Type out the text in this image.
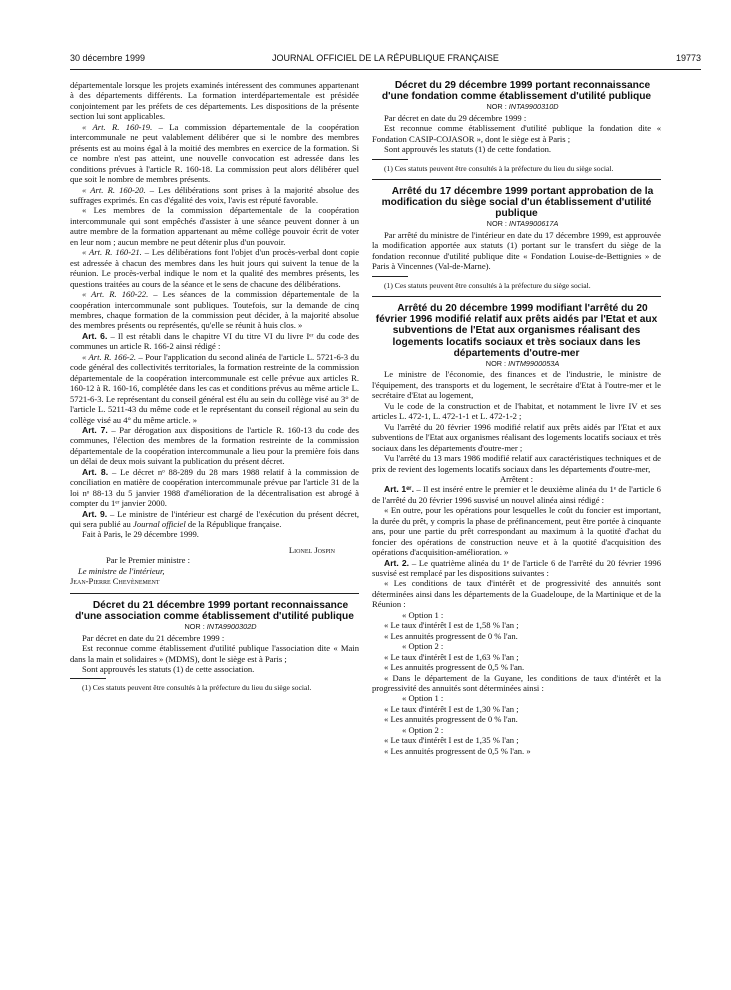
30 décembre 1999	JOURNAL OFFICIEL DE LA RÉPUBLIQUE FRANÇAISE	19773

départementale lorsque les projets examinés intéressent des communes appartenant à des départements différents. La formation interdépartementale est présidée conjointement par les préfets de ces départements. Les dispositions de la présente section lui sont applicables.

« Art. R. 160-19. – La commission départementale de la coopération intercommunale ne peut valablement délibérer que si le nombre des membres présents est au moins égal à la moitié des membres en exercice de la formation. Si ce nombre n'est pas atteint, une nouvelle convocation est adressée dans les conditions prévues à l'article R. 160-18. La commission peut alors délibérer quel que soit le nombre de membres présents.

« Art. R. 160-20. – Les délibérations sont prises à la majorité absolue des suffrages exprimés. En cas d'égalité des voix, l'avis est réputé favorable.

« Les membres de la commission départementale de la coopération intercommunale qui sont empêchés d'assister à une séance peuvent donner à un autre membre de la formation appartenant au même collège pouvoir écrit de voter en leur nom ; aucun membre ne peut détenir plus d'un pouvoir.

« Art. R. 160-21. – Les délibérations font l'objet d'un procès-verbal dont copie est adressée à chacun des membres dans les huit jours qui suivent la tenue de la réunion. Le procès-verbal indique le nom et la qualité des membres présents, les questions traitées au cours de la séance et le sens de chacune des délibérations.

« Art. R. 160-22. – Les séances de la commission départementale de la coopération intercommunale sont publiques. Toutefois, sur la demande de cinq membres, chaque formation de la commission peut décider, à la majorité absolue des membres présents ou représentés, qu'elle se réunit à huis clos. »

Art. 6. – Il est rétabli dans le chapitre VI du titre VI du livre Iᵉʳ du code des communes un article R. 166-2 ainsi rédigé :

« Art. R. 166-2. – Pour l'application du second alinéa de l'article L. 5721-6-3 du code général des collectivités territoriales, la formation restreinte de la commission départementale de la coopération intercommunale est celle prévue aux articles R. 160-12 à R. 160-16, complétée dans les cas et conditions prévus au même article L. 5721-6-3. Le représentant du conseil général est élu au sein du collège visé au 3° de l'article L. 5211-43 du même code et le représentant du conseil régional au sein du collège visé au 4° du même article. »

Art. 7. – Par dérogation aux dispositions de l'article R. 160-13 du code des communes, l'élection des membres de la formation restreinte de la commission départementale de la coopération intercommunale a lieu pour la première fois dans un délai de deux mois suivant la publication du présent décret.

Art. 8. – Le décret nᵒ 88-289 du 28 mars 1988 relatif à la commission de conciliation en matière de coopération intercommunale prévue par l'article 31 de la loi nᵒ 88-13 du 5 janvier 1988 d'amélioration de la décentralisation est abrogé à compter du 1ᵉʳ janvier 2000.

Art. 9. – Le ministre de l'intérieur est chargé de l'exécution du présent décret, qui sera publié au Journal officiel de la République française.

Fait à Paris, le 29 décembre 1999.

Lionel Jospin

Par le Premier ministre :

Le ministre de l'intérieur,

Jean-Pierre Chevènement

Décret du 21 décembre 1999 portant reconnaissance d'une association comme établissement d'utilité publique

NOR : INTA9900302D

Par décret en date du 21 décembre 1999 :

Est reconnue comme établissement d'utilité publique l'association dite « Main dans la main et solidaires » (MDMS), dont le siège est à Paris ;

Sont approuvés les statuts (1) de cette association.

(1) Ces statuts peuvent être consultés à la préfecture du lieu du siège social.

Décret du 29 décembre 1999 portant reconnaissance d'une fondation comme établissement d'utilité publique

NOR : INTA9900310D

Par décret en date du 29 décembre 1999 :

Est reconnue comme établissement d'utilité publique la fondation dite « Fondation CASIP-COJASOR », dont le siège est à Paris ;

Sont approuvés les statuts (1) de cette fondation.

(1) Ces statuts peuvent être consultés à la préfecture du lieu du siège social.

Arrêté du 17 décembre 1999 portant approbation de la modification du siège social d'un établissement d'utilité publique

NOR : INTA9900617A

Par arrêté du ministre de l'intérieur en date du 17 décembre 1999, est approuvée la modification apportée aux statuts (1) portant sur le transfert du siège de la fondation reconnue d'utilité publique dite « Fondation Louise-de-Bettignies » de Paris à Vincennes (Val-de-Marne).

(1) Ces statuts peuvent être consultés à la préfecture du siège social.

Arrêté du 20 décembre 1999 modifiant l'arrêté du 20 février 1996 modifié relatif aux prêts aidés par l'Etat et aux subventions de l'Etat aux organismes réalisant des logements locatifs sociaux et très sociaux dans les départements d'outre-mer

NOR : INTM9900053A

Le ministre de l'économie, des finances et de l'industrie, le ministre de l'équipement, des transports et du logement, le secrétaire d'Etat à l'outre-mer et le secrétaire d'Etat au logement,

Vu le code de la construction et de l'habitat, et notamment le livre IV et ses articles L. 472-1, L. 472-1-1 et L. 472-1-2 ;

Vu l'arrêté du 20 février 1996 modifié relatif aux prêts aidés par l'Etat et aux subventions de l'Etat aux organismes réalisant des logements locatifs sociaux et très sociaux dans les départements d'outre-mer ;

Vu l'arrêté du 13 mars 1986 modifié relatif aux caractéristiques techniques et de prix de revient des logements locatifs sociaux dans les départements d'outre-mer,

Arrêtent :

Art. 1ᵉʳ. – Il est inséré entre le premier et le deuxième alinéa du 1ᵉ de l'article 6 de l'arrêté du 20 février 1996 susvisé un nouvel alinéa ainsi rédigé :

« En outre, pour les opérations pour lesquelles le coût du foncier est important, la durée du prêt, y compris la phase de préfinancement, peut être portée à cinquante ans, pour une partie du prêt correspondant au maximum à la quotité d'achat du foncier des opérations de construction neuve et à la quotité d'acquisition des opérations d'acquisition-amélioration. »

Art. 2. – Le quatrième alinéa du 1ᵉ de l'article 6 de l'arrêté du 20 février 1996 susvisé est remplacé par les dispositions suivantes :

« Les conditions de taux d'intérêt et de progressivité des annuités sont déterminées ainsi dans les départements de la Guadeloupe, de la Martinique et de la Réunion :

« Option 1 :

« Le taux d'intérêt I est de 1,58 % l'an ;

« Les annuités progressent de 0 % l'an.

« Option 2 :

« Le taux d'intérêt I est de 1,63 % l'an ;

« Les annuités progressent de 0,5 % l'an.

« Dans le département de la Guyane, les conditions de taux d'intérêt et la progressivité des annuités sont déterminées ainsi :

« Option 1 :

« Le taux d'intérêt I est de 1,30 % l'an ;

« Les annuités progressent de 0 % l'an.

« Option 2 :

« Le taux d'intérêt I est de 1,35 % l'an ;

« Les annuités progressent de 0,5 % l'an. »
